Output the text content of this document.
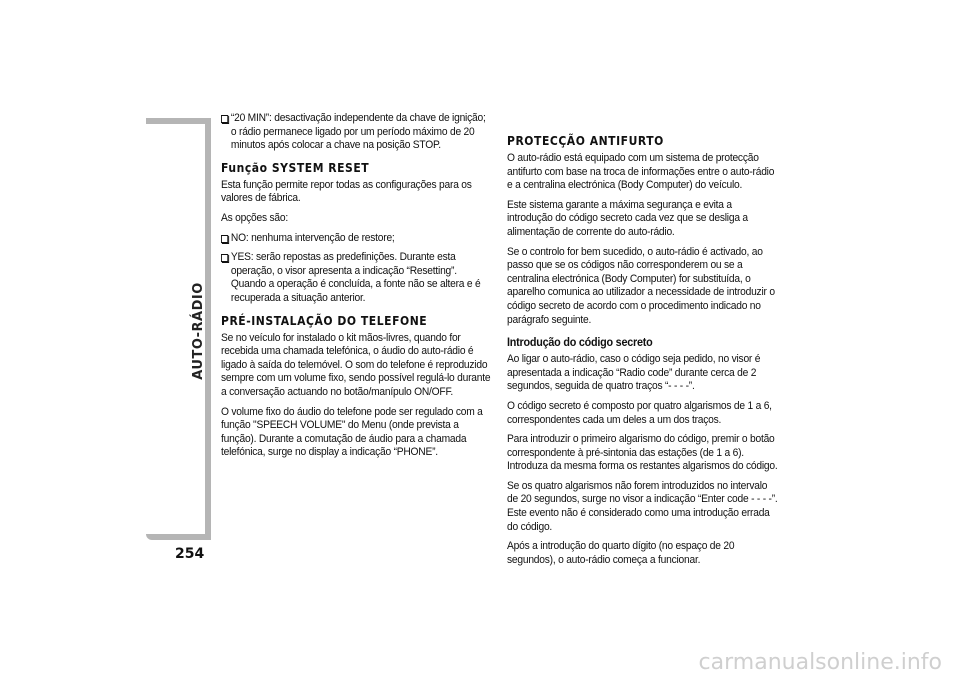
AUTO-RÁDIO
254
“20 MIN”: desactivação independente da chave de ignição; o rádio permanece ligado por um período máximo de 20 minutos após colocar a chave na posição STOP.
Função SYSTEM RESET

Esta função permite repor todas as configurações para os valores de fábrica.

As opções são:

NO: nenhuma intervenção de restore;
YES: serão repostas as predefinições. Durante esta operação, o visor apresenta a indicação “Resetting”. Quando a operação é concluída, a fonte não se altera e é recuperada a situação anterior.
PRÉ-INSTALAÇÃO DO TELEFONE

Se no veículo for instalado o kit mãos-livres, quando for recebida uma chamada telefónica, o áudio do auto-rádio é ligado à saída do telemóvel. O som do telefone é reproduzido sempre com um volume fixo, sendo possível regulá-lo durante a conversação actuando no botão/manípulo ON/OFF.

O volume fixo do áudio do telefone pode ser regulado com a função "SPEECH VOLUME" do Menu (onde prevista a função). Durante a comutação de áudio para a chamada telefónica, surge no display a indicação “PHONE”.

PROTECÇÃO ANTIFURTO

O auto-rádio está equipado com um sistema de protecção antifurto com base na troca de informações entre o auto-rádio e a centralina electrónica (Body Computer) do veículo.

Este sistema garante a máxima segurança e evita a introdução do código secreto cada vez que se desliga a alimentação de corrente do auto-rádio.

Se o controlo for bem sucedido, o auto-rádio é activado, ao passo que se os códigos não corresponderem ou se a centralina electrónica (Body Computer) for substituída, o aparelho comunica ao utilizador a necessidade de introduzir o código secreto de acordo com o procedimento indicado no parágrafo seguinte.

Introdução do código secreto

Ao ligar o auto-rádio, caso o código seja pedido, no visor é apresentada a indicação “Radio code” durante cerca de 2 segundos, seguida de quatro traços “- - - -”.

O código secreto é composto por quatro algarismos de 1 a 6, correspondentes cada um deles a um dos traços.

Para introduzir o primeiro algarismo do código, premir o botão correspondente à pré-sintonia das estações (de 1 a 6). Introduza da mesma forma os restantes algarismos do código.

Se os quatro algarismos não forem introduzidos no intervalo de 20 segundos, surge no visor a indicação “Enter code - - - -”. Este evento não é considerado como uma introdução errada do código.

Após a introdução do quarto dígito (no espaço de 20 segundos), o auto-rádio começa a funcionar.

carmanualsonline.info
